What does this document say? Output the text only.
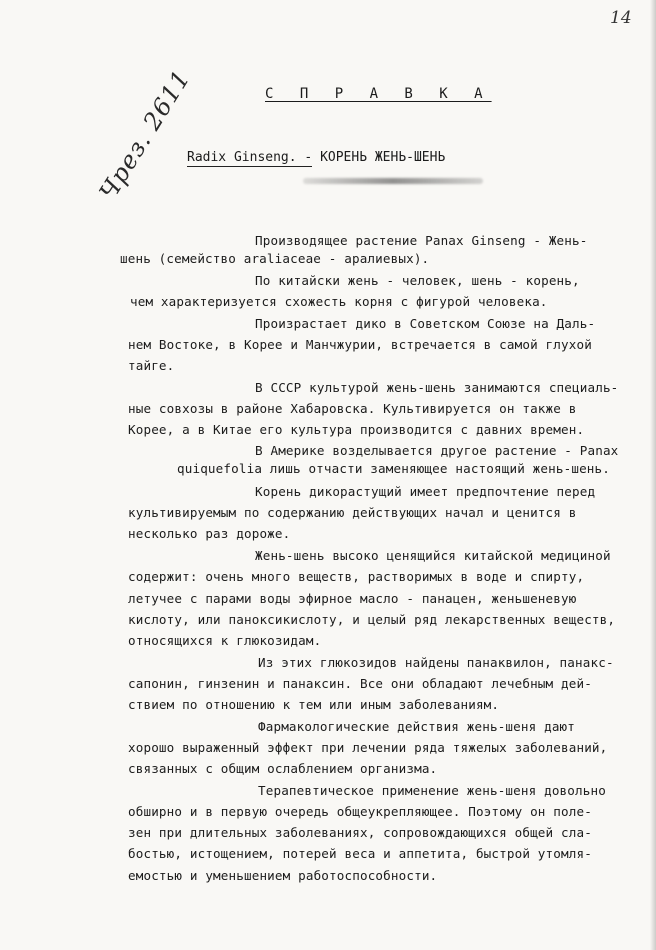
14
Чрез. 2611	С П Р А В К А
Radix Ginseng. - КОРЕНЬ ЖЕНЬ-ШЕНЬ
Производящее растение Panax Ginseng - Жень-
шень (семейство araliaceae - аралиевых).
По китайски жень - человек, шень - корень,
чем характеризуется схожесть корня с фигурой человека.
Произрастает дико в Советском Союзе на Даль-
нем Востоке, в Корее и Манчжурии, встречается в самой глухой
тайге.
В СССР культурой жень-шень занимаются специаль-
ные совхозы в районе Хабаровска. Культивируется он также в
Корее, а в Китае его культура производится с давних времен.
В Америке возделывается другое растение - Panax
quiquefolia лишь отчасти заменяющее настоящий жень-шень.
Корень дикорастущий имеет предпочтение перед
культивируемым по содержанию действующих начал и ценится в
несколько раз дороже.
Жень-шень высоко ценящийся китайской медициной
содержит: очень много веществ, растворимых в воде и спирту,
летучее с парами воды эфирное масло - панацен, женьшеневую
кислоту, или паноксикислоту, и целый ряд лекарственных веществ,
относящихся к глюкозидам.
Из этих глюкозидов найдены панаквилон, панакс-
сапонин, гинзенин и панаксин. Все они обладают лечебным дей-
ствием по отношению к тем или иным заболеваниям.
Фармакологические действия жень-шеня дают
хорошо выраженный эффект при лечении ряда тяжелых заболеваний,
связанных с общим ослаблением организма.
Терапевтическое применение жень-шеня довольно
обширно и в первую очередь общеукрепляющее. Поэтому он поле-
зен при длительных заболеваниях, сопровождающихся общей сла-
бостью, истощением, потерей веса и аппетита, быстрой утомля-
емостью и уменьшением работоспособности.
